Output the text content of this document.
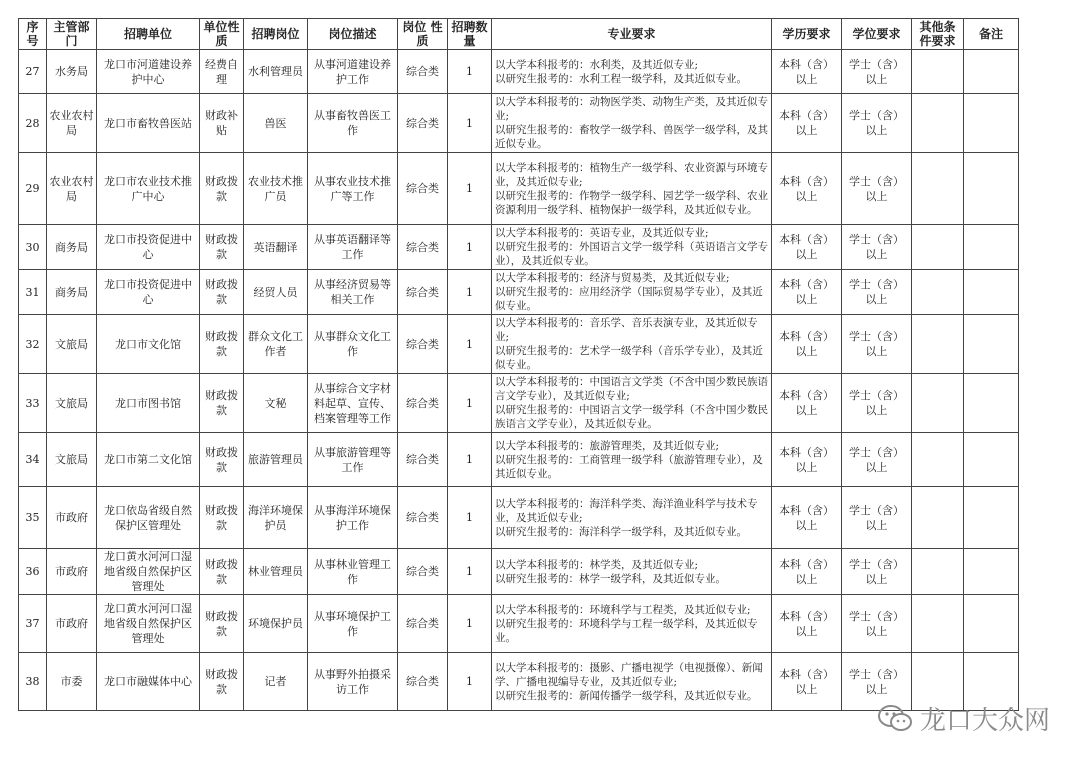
序号	主管部门	招聘单位	单位性质	招聘岗位	岗位描述	岗位 性质	招聘数量	专业要求	学历要求	学位要求	其他条件要求	备注
27	水务局	龙口市河道建设养护中心	经费自理	水利管理员	从事河道建设养护工作	综合类	1	以大学本科报考的：水利类，及其近似专业;
以研究生报考的：水利工程一级学科，及其近似专业。	本科（含）以上	学士（含）以上		
28	农业农村局	龙口市畜牧兽医站	财政补贴	兽医	从事畜牧兽医工作	综合类	1	以大学本科报考的：动物医学类、动物生产类，及其近似专业;
以研究生报考的：畜牧学一级学科、兽医学一级学科，及其近似专业。	本科（含）以上	学士（含）以上		
29	农业农村局	龙口市农业技术推广中心	财政拨款	农业技术推广员	从事农业技术推广等工作	综合类	1	以大学本科报考的：植物生产一级学科、农业资源与环境专业，及其近似专业;
以研究生报考的：作物学一级学科、园艺学一级学科、农业资源利用一级学科、植物保护一级学科，及其近似专业。	本科（含）以上	学士（含）以上		
30	商务局	龙口市投资促进中心	财政拨款	英语翻译	从事英语翻译等工作	综合类	1	以大学本科报考的：英语专业，及其近似专业;
以研究生报考的：外国语言文学一级学科（英语语言文学专业），及其近似专业。	本科（含）以上	学士（含）以上		
31	商务局	龙口市投资促进中心	财政拨款	经贸人员	从事经济贸易等相关工作	综合类	1	以大学本科报考的：经济与贸易类，及其近似专业;
以研究生报考的：应用经济学（国际贸易学专业），及其近似专业。	本科（含）以上	学士（含）以上		
32	文旅局	龙口市文化馆	财政拨款	群众文化工作者	从事群众文化工作	综合类	1	以大学本科报考的：音乐学、音乐表演专业，及其近似专业;
以研究生报考的：艺术学一级学科（音乐学专业），及其近似专业。	本科（含）以上	学士（含）以上		
33	文旅局	龙口市图书馆	财政拨款	文秘	从事综合文字材料起草、宣传、档案管理等工作	综合类	1	以大学本科报考的：中国语言文学类（不含中国少数民族语言文学专业），及其近似专业;
以研究生报考的：中国语言文学一级学科（不含中国少数民族语言文学专业），及其近似专业。	本科（含）以上	学士（含）以上		
34	文旅局	龙口市第二文化馆	财政拨款	旅游管理员	从事旅游管理等工作	综合类	1	以大学本科报考的：旅游管理类，及其近似专业;
以研究生报考的：工商管理一级学科（旅游管理专业），及其近似专业。	本科（含）以上	学士（含）以上		
35	市政府	龙口依岛省级自然保护区管理处	财政拨款	海洋环境保护员	从事海洋环境保护工作	综合类	1	以大学本科报考的：海洋科学类、海洋渔业科学与技术专业，及其近似专业;
以研究生报考的：海洋科学一级学科，及其近似专业。	本科（含）以上	学士（含）以上		
36	市政府	龙口黄水河河口湿地省级自然保护区管理处	财政拨款	林业管理员	从事林业管理工作	综合类	1	以大学本科报考的：林学类，及其近似专业;
以研究生报考的：林学一级学科，及其近似专业。	本科（含）以上	学士（含）以上		
37	市政府	龙口黄水河河口湿地省级自然保护区管理处	财政拨款	环境保护员	从事环境保护工作	综合类	1	以大学本科报考的：环境科学与工程类，及其近似专业;
以研究生报考的：环境科学与工程一级学科，及其近似专业。	本科（含）以上	学士（含）以上		
38	市委	龙口市融媒体中心	财政拨款	记者	从事野外拍摄采访工作	综合类	1	以大学本科报考的：摄影、广播电视学（电视摄像）、新闻学、广播电视编导专业，及其近似专业;
以研究生报考的：新闻传播学一级学科，及其近似专业。	本科（含）以上	学士（含）以上		
龙口大众网
